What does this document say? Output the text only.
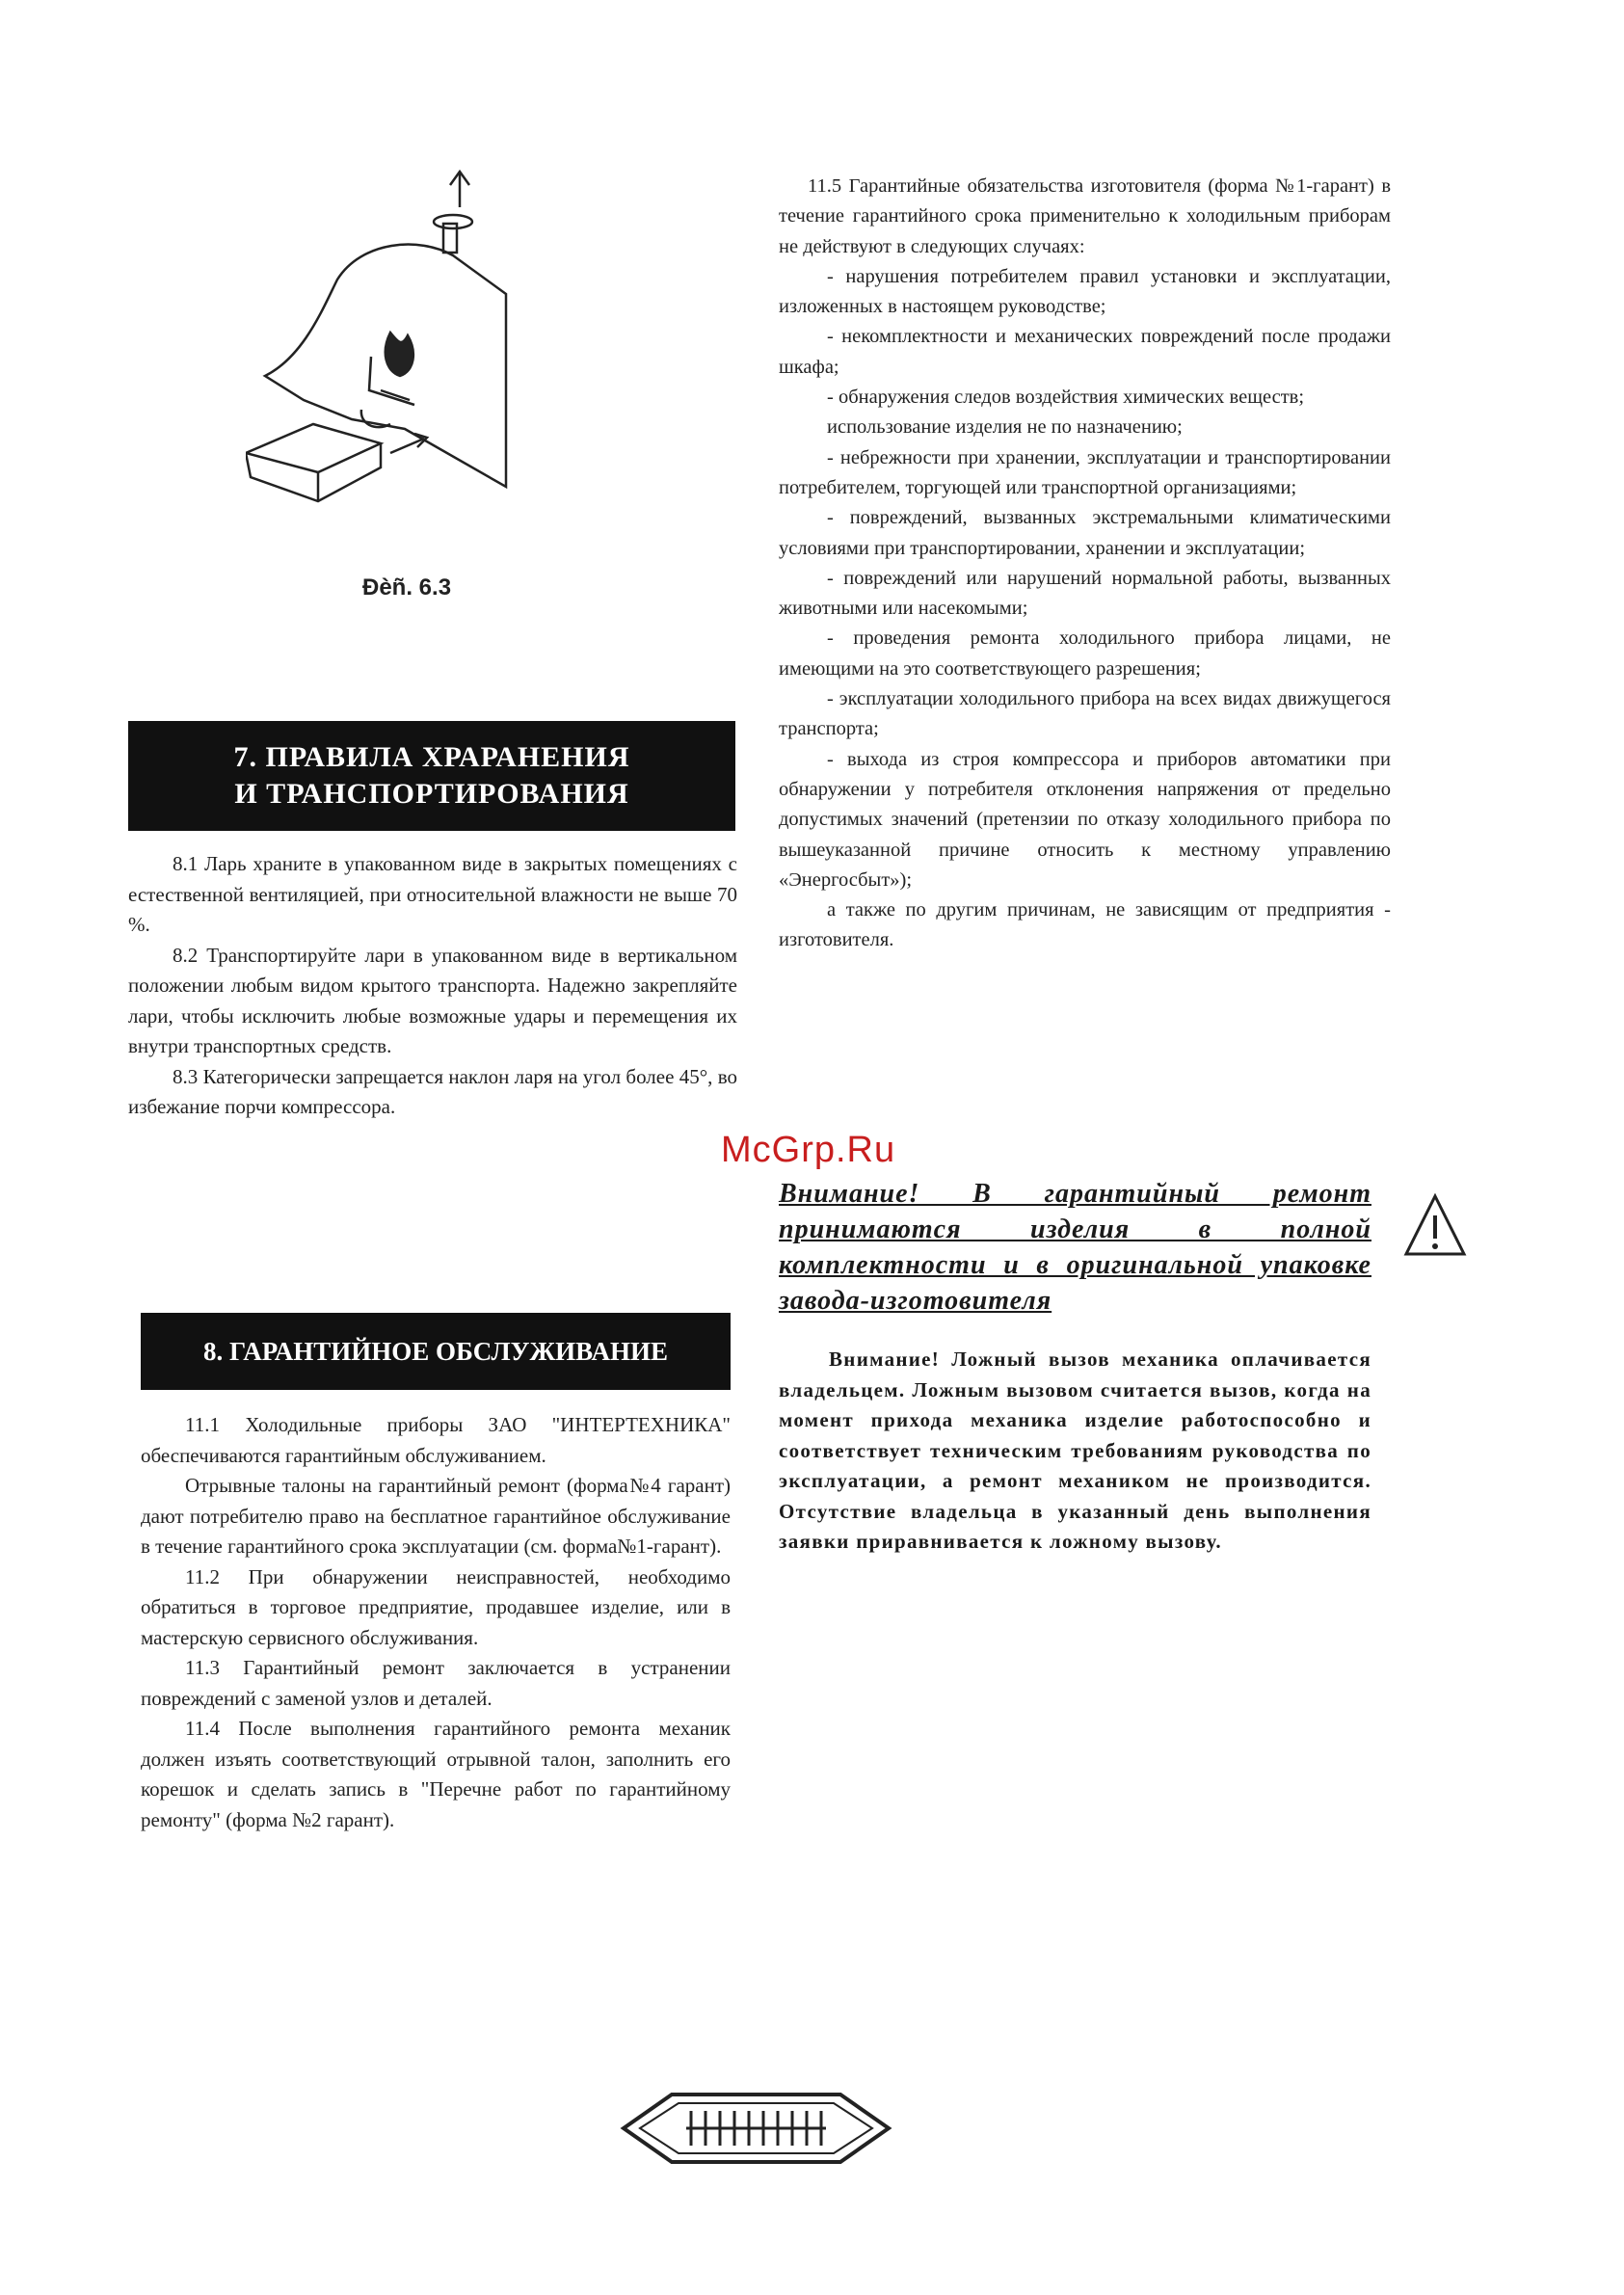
Ðèñ. 6.3
7. ПРАВИЛА ХРАРАНЕНИЯ
И ТРАНСПОРТИРОВАНИЯ

8.1 Ларь храните в упакованном виде в закрытых помещениях с естественной вентиляцией, при относительной влажности не выше 70 %.

8.2 Транспортируйте лари в упакованном виде в вертикальном положении любым видом крытого транспорта. Надежно закрепляйте лари, чтобы исключить любые возможные удары и перемещения их внутри транспортных средств.

8.3 Категорически запрещается наклон ларя на угол более 45°, во избежание порчи компрессора.

8. ГАРАНТИЙНОЕ ОБСЛУЖИВАНИЕ

11.1 Холодильные приборы ЗАО "ИНТЕРТЕХНИКА" обеспечиваются гарантийным обслуживанием.

Отрывные талоны на гарантийный ремонт (форма№4 гарант) дают потребителю право на бесплатное гарантийное обслуживание в течение гарантийного срока эксплуатации (см. форма№1-гарант).

11.2 При обнаружении неисправностей, необходимо обратиться в торговое предприятие, продавшее изделие, или в мастерскую сервисного обслуживания.

11.3 Гарантийный ремонт заключается в устранении повреждений с заменой узлов и деталей.

11.4 После выполнения гарантийного ремонта механик должен изъять соответствующий отрывной талон, заполнить его корешок и сделать запись в "Перечне работ по гарантийному ремонту" (форма №2 гарант).

11.5 Гарантийные обязательства изготовителя (форма №1-гарант) в течение гарантийного срока применительно к холодильным приборам не действуют в следующих случаях:

- нарушения потребителем правил установки и эксплуатации, изложенных в настоящем руководстве;

- некомплектности и механических повреждений после продажи шкафа;

- обнаружения следов воздействия химических веществ;

использование изделия не по назначению;

- небрежности при хранении, эксплуатации и транспортировании потребителем, торгующей или транспортной организациями;

- повреждений, вызванных экстремальными климатическими условиями при транспортировании, хранении и эксплуатации;

- повреждений или нарушений нормальной работы, вызванных животными или насекомыми;

- проведения ремонта холодильного прибора лицами, не имеющими на это соответствующего разрешения;

- эксплуатации холодильного прибора на всех видах движущегося транспорта;

- выхода из строя компрессора и приборов автоматики при обнаружении у потребителя отклонения напряжения от предельно допустимых значений (претензии по отказу холодильного прибора по вышеуказанной причине относить к местному управлению «Энергосбыт»);

а также по другим причинам, не зависящим от предприятия - изготовителя.

McGrp.Ru
Внимание! В гарантийный ремонт принимаются изделия в полной комплектности и в оригинальной упаковке завода-изготовителя

Внимание! Ложный вызов механика оплачивается владельцем. Ложным вызовом считается вызов, когда на момент прихода механика изделие работоспособно и соответствует техническим требованиям руководства по эксплуатации, а ремонт механиком не производится. Отсутствие владельца в указанный день выполнения заявки приравнивается к ложному вызову.
